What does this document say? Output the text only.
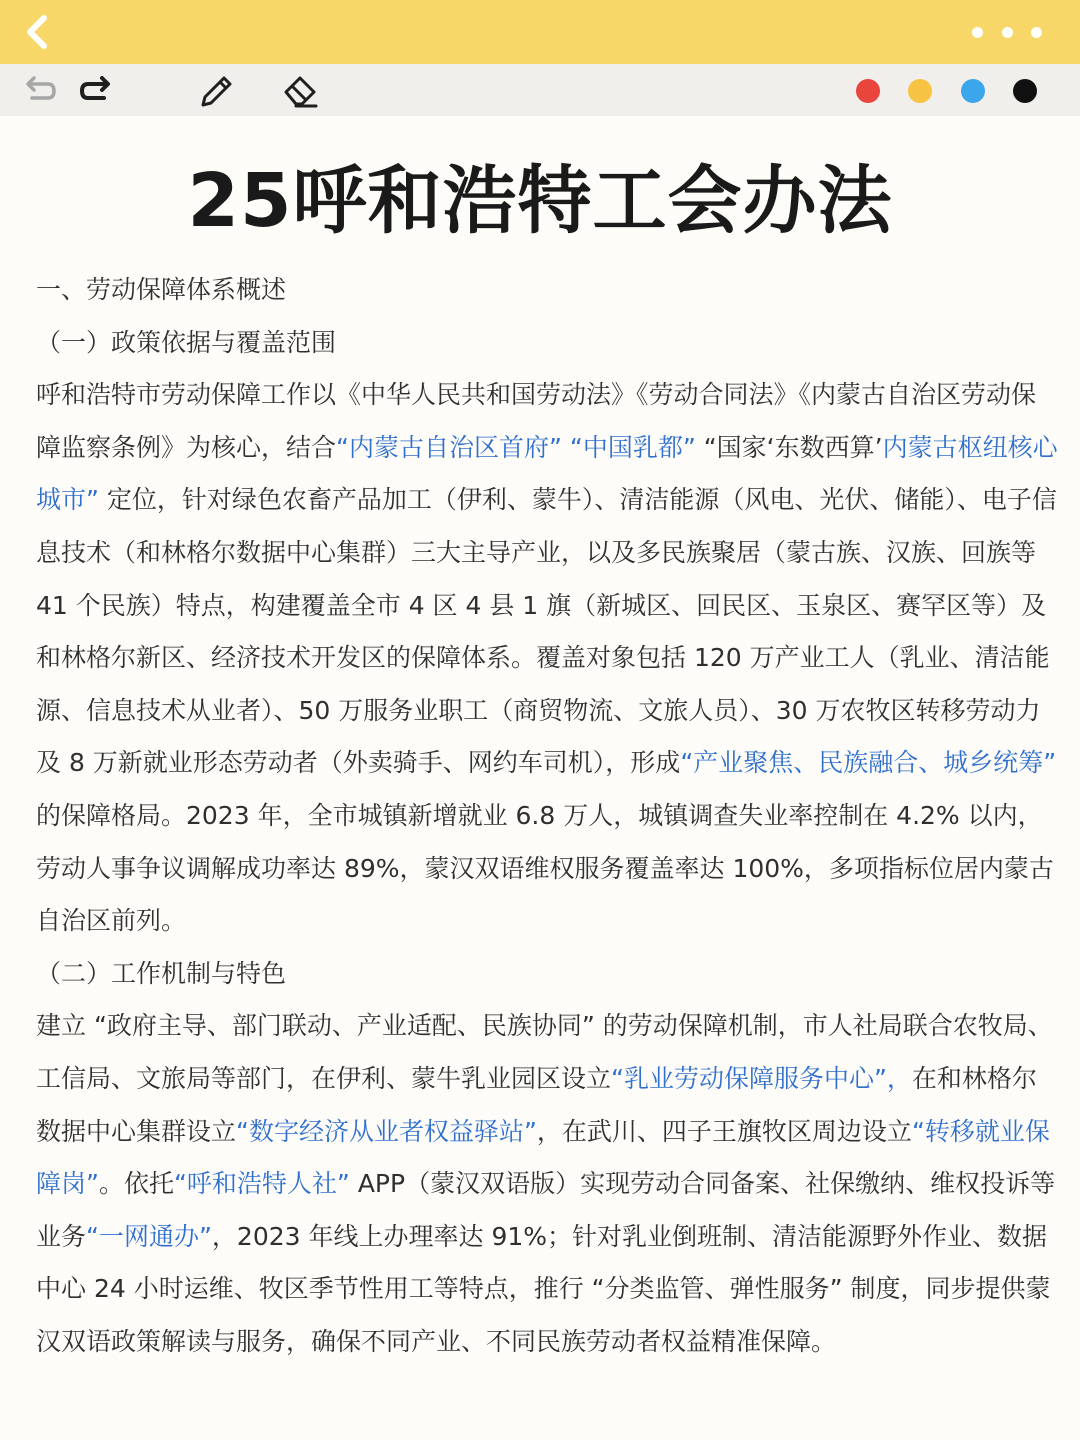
25呼和浩特工会办法

一、劳动保障体系概述

（一）政策依据与覆盖范围

呼和浩特市劳动保障工作以《中华人民共和国劳动法》《劳动合同法》《内蒙古自治区劳动保障监察条例》为核心，结合“内蒙古自治区首府” “中国乳都” “国家‘东数西算’内蒙古枢纽核心城市” 定位，针对绿色农畜产品加工（伊利、蒙牛）、清洁能源（风电、光伏、储能）、电子信息技术（和林格尔数据中心集群）三大主导产业，以及多民族聚居（蒙古族、汉族、回族等 41 个民族）特点，构建覆盖全市 4 区 4 县 1 旗（新城区、回民区、玉泉区、赛罕区等）及和林格尔新区、经济技术开发区的保障体系。覆盖对象包括 120 万产业工人（乳业、清洁能源、信息技术从业者）、50 万服务业职工（商贸物流、文旅人员）、30 万农牧区转移劳动力及 8 万新就业形态劳动者（外卖骑手、网约车司机），形成“产业聚焦、民族融合、城乡统筹” 的保障格局。2023 年，全市城镇新增就业 6.8 万人，城镇调查失业率控制在 4.2% 以内，劳动人事争议调解成功率达 89%，蒙汉双语维权服务覆盖率达 100%，多项指标位居内蒙古自治区前列。

（二）工作机制与特色

建立 “政府主导、部门联动、产业适配、民族协同” 的劳动保障机制，市人社局联合农牧局、工信局、文旅局等部门，在伊利、蒙牛乳业园区设立“乳业劳动保障服务中心”，在和林格尔数据中心集群设立“数字经济从业者权益驿站”，在武川、四子王旗牧区周边设立“转移就业保障岗”。依托“呼和浩特人社” APP（蒙汉双语版）实现劳动合同备案、社保缴纳、维权投诉等业务“一网通办”，2023 年线上办理率达 91%；针对乳业倒班制、清洁能源野外作业、数据中心 24 小时运维、牧区季节性用工等特点，推行 “分类监管、弹性服务” 制度，同步提供蒙汉双语政策解读与服务，确保不同产业、不同民族劳动者权益精准保障。
